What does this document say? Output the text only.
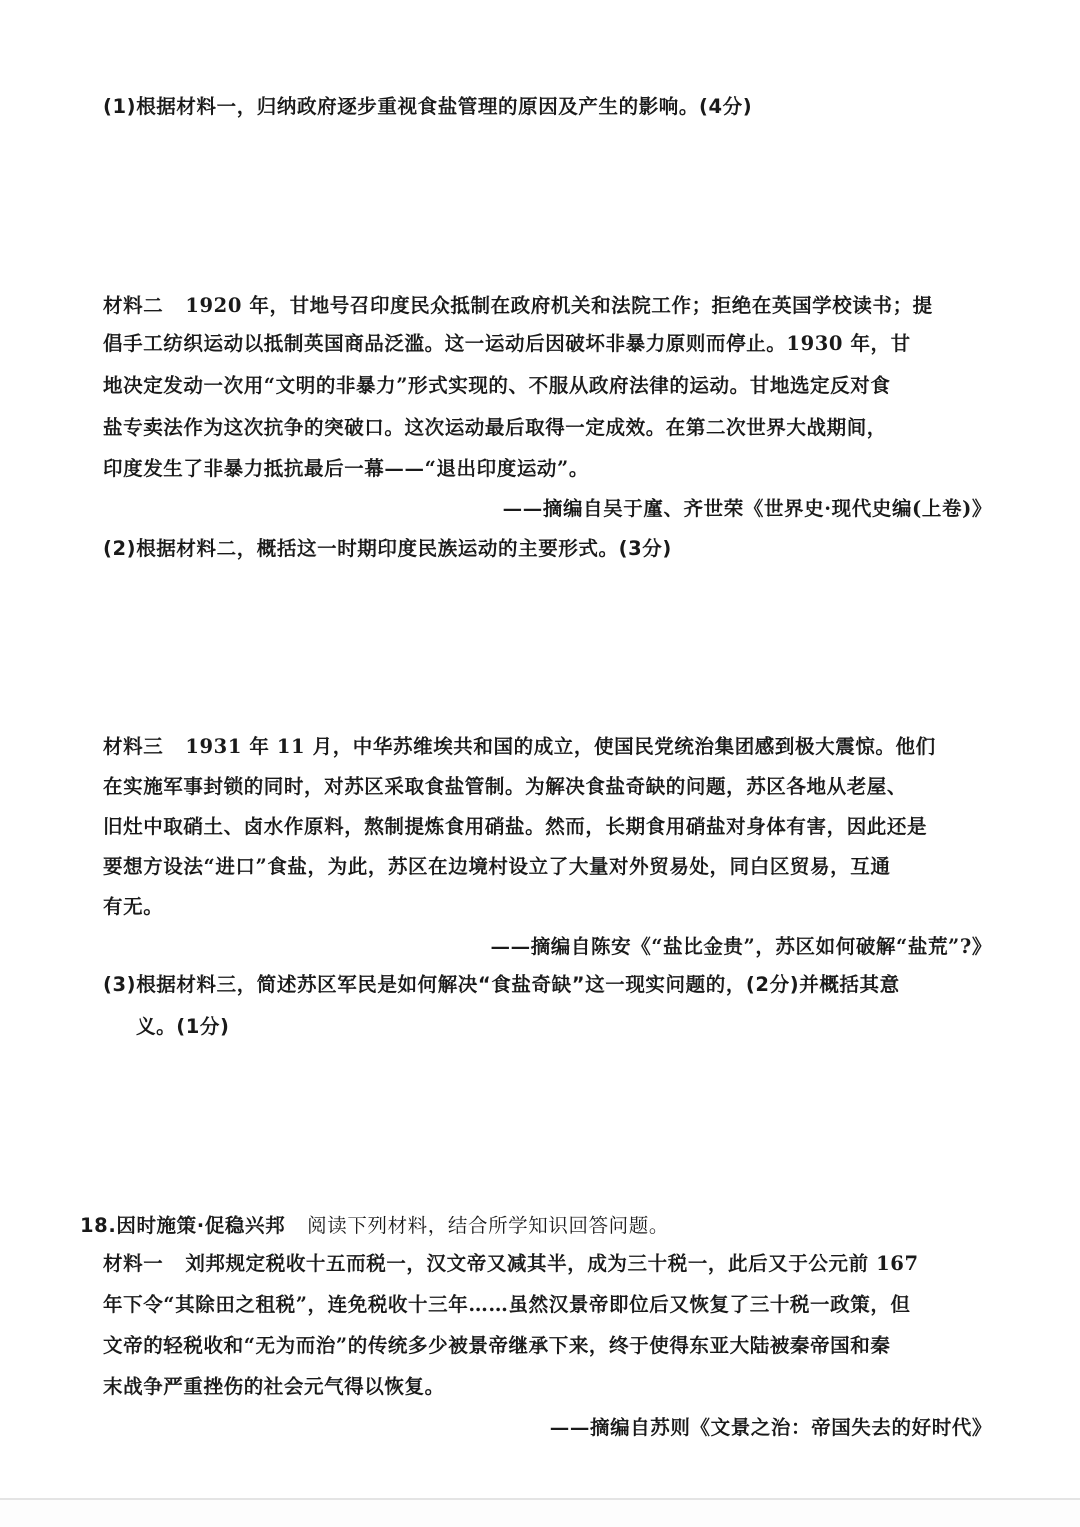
(1)根据材料一，归纳政府逐步重视食盐管理的原因及产生的影响。(4分)
材料二 1920 年，甘地号召印度民众抵制在政府机关和法院工作；拒绝在英国学校读书；提
倡手工纺织运动以抵制英国商品泛滥。这一运动后因破坏非暴力原则而停止。1930 年，甘
地决定发动一次用“文明的非暴力”形式实现的、不服从政府法律的运动。甘地选定反对食
盐专卖法作为这次抗争的突破口。这次运动最后取得一定成效。在第二次世界大战期间，
印度发生了非暴力抵抗最后一幕——“退出印度运动”。
——摘编自吴于廑、齐世荣《世界史·现代史编(上卷)》
(2)根据材料二，概括这一时期印度民族运动的主要形式。(3分)
材料三 1931 年 11 月，中华苏维埃共和国的成立，使国民党统治集团感到极大震惊。他们
在实施军事封锁的同时，对苏区采取食盐管制。为解决食盐奇缺的问题，苏区各地从老屋、
旧灶中取硝土、卤水作原料，熬制提炼食用硝盐。然而，长期食用硝盐对身体有害，因此还是
要想方设法“进口”食盐，为此，苏区在边境村设立了大量对外贸易处，同白区贸易，互通
有无。
——摘编自陈安《“盐比金贵”，苏区如何破解“盐荒”?》
(3)根据材料三，简述苏区军民是如何解决“食盐奇缺”这一现实问题的，(2分)并概括其意
义。(1分)
18.因时施策·促稳兴邦 阅读下列材料，结合所学知识回答问题。
材料一 刘邦规定税收十五而税一，汉文帝又减其半，成为三十税一，此后又于公元前 167
年下令“其除田之租税”，连免税收十三年……虽然汉景帝即位后又恢复了三十税一政策，但
文帝的轻税收和“无为而治”的传统多少被景帝继承下来，终于使得东亚大陆被秦帝国和秦
末战争严重挫伤的社会元气得以恢复。
——摘编自苏则《文景之治：帝国失去的好时代》
